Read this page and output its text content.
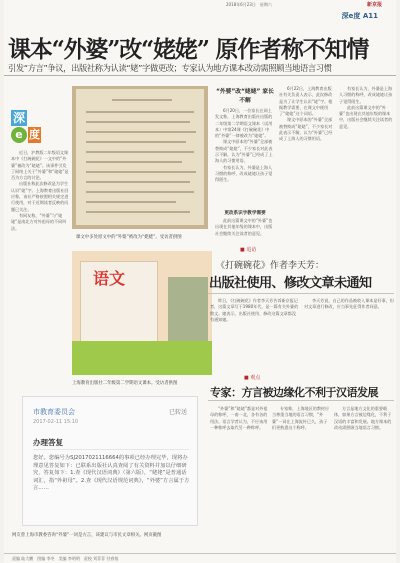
2018年6月23日　星期六	新京报
深e度 A11
课本“外婆”改“姥姥” 原作者称不知情
引发“方言”争议，出版社称为认读“姥”字做更改；专家认为地方课本改动需照顾当地语言习惯
深
e 度

近日，沪教版二年级语文课本中《打碗碗花》一文中的“外婆”被改为“姥姥”。该事件引发了网络上关于“外婆”和“姥姥”是否为方言的讨论。

出版社称此次修改是为学生认识“姥”字。上海教育出版社回应称，该社严格按照相关规定进行使用，对于近期读者反映的问题已关注。

有网友称，“外婆”与“姥姥”是南北方对外祖母的不同叫法。

课文中多处原文中的“外婆”被改为“姥姥”。受访者供图
语文
上海教育出版社二年级第二学期语文课本。受访者供图
“外婆”改“姥姥” 家长不解

6月20日，一位家长在网上发文称，上海教育出版社出版的二年级第二学期语文课本（试用本）中第24课《打碗碗花》中的“外婆”一律被改为“姥姥”。

课文中原本的“外婆”全部被替换成“姥姥”，不少家长对此表示不解，认为“外婆”已经成了上海人的习惯用语。

有家长认为，外婆是上海人习惯的称呼，改成姥姥让孩子觉得陌生。

更改系识字教学需要

此前这篇课文中的“外婆”也出现在其他年级的课本中，出版社会继续关注读者的意见。

6月22日，上海教育出版社有关负责人表示，此次修改是为了让学生认识“姥”字。根据教学需要，在课文中使用了“姥姥”这个词语。

课文中原本的“外婆”全部被替换成“姥姥”，不少家长对此表示不解，认为“外婆”已经成了上海人的习惯用语。

有家长认为，外婆是上海人习惯的称呼，改成姥姥让孩子觉得陌生。

此前这篇课文中的“外婆”也出现在其他年级的课本中，出版社会继续关注读者的意见。

■ 追访
《打碗碗花》作者李天芳：
出版社使用、修改文章未通知

昨日，《打碗碗花》作者李天芳告诉新京报记者，这篇文章写于1980年代，是一篇有关外婆的散文。她表示，出版社使用、修改这篇文章都没有通知她。

李天芳说，自己的作品被收入课本是好事，但对文章进行修改，应当事先征得作者同意。

■ 观点
专家：方言被边缘化不利于汉语发展

“外婆”和“姥姥”都是对外祖母的称呼，一南一北，各有各的用法。语言学者认为，不应该用一种称呼去取代另一种称呼。

专家称，上海地区的教材应当尊重当地的语言习惯，“外婆”一词在上海流传已久，孩子们更熟悉这个称呼。

方言是地方文化的重要载体，如果方言被边缘化，不利于汉语的丰富和发展。地方课本的改动需照顾当地语言习惯。

市教育委员会
2017-02-11 15:10
已转送
办理答复
您好。您编号为SJ2017021116664的事项已经办理完毕，现将办理意见答复如下：已联系出版社认真查阅了有关资料并加以仔细研究，答复如下：1.查《现代汉语词典》（第六版），“姥姥”是普通话词汇，指“外祖母”。2.查《现代汉语规范词典》，“外婆”方言属于方言……
网友曾上海市教委咨询“外婆”一词是方言，该建议与市民文章相关。网页截图
责编 陆大鹏　图编 李冬　美编 李明明　责校 刘菲菲 付春愔
